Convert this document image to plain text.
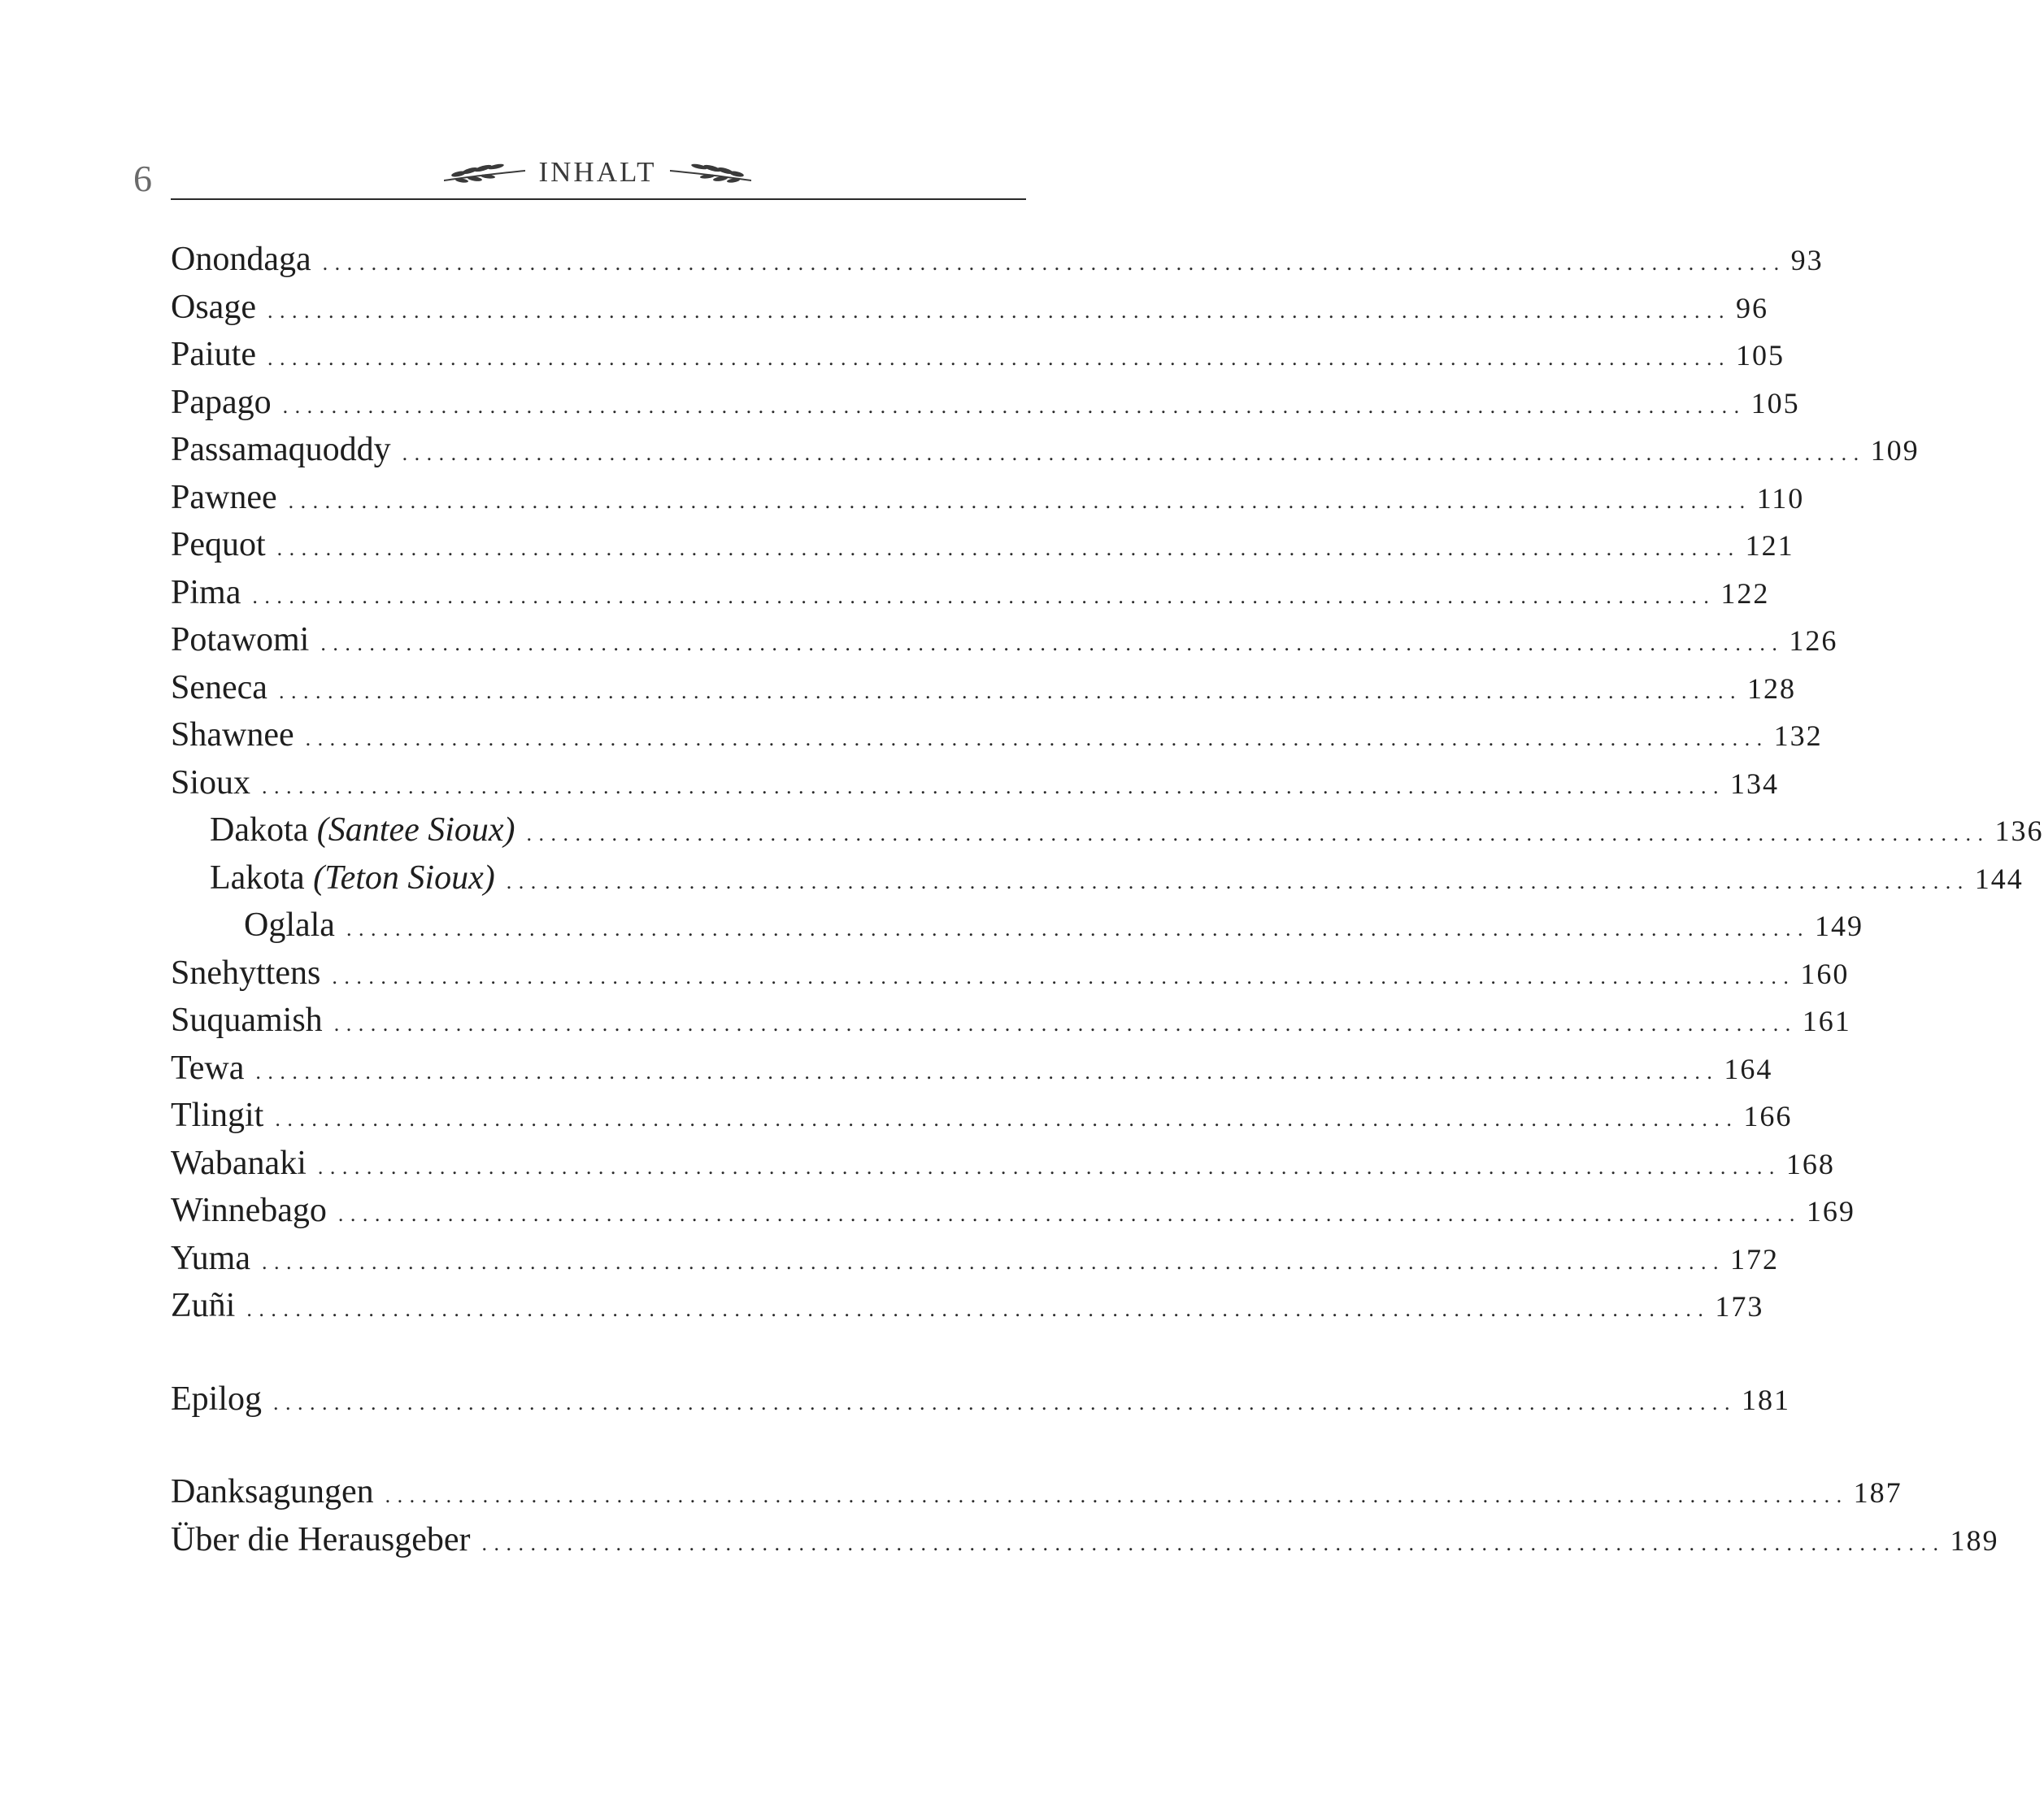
6	INHALT
Onondaga ........................................................................................................................ 93
Osage ........................................................................................................................ 96
Paiute ........................................................................................................................ 105
Papago ........................................................................................................................ 105
Passamaquoddy ........................................................................................................................ 109
Pawnee ........................................................................................................................ 110
Pequot ........................................................................................................................ 121
Pima ........................................................................................................................ 122
Potawomi ........................................................................................................................ 126
Seneca ........................................................................................................................ 128
Shawnee ........................................................................................................................ 132
Sioux ........................................................................................................................ 134
Dakota (Santee Sioux) ........................................................................................................................ 136
Lakota (Teton Sioux) ........................................................................................................................ 144
Oglala ........................................................................................................................ 149
Snehyttens ........................................................................................................................ 160
Suquamish ........................................................................................................................ 161
Tewa ........................................................................................................................ 164
Tlingit ........................................................................................................................ 166
Wabanaki ........................................................................................................................ 168
Winnebago ........................................................................................................................ 169
Yuma ........................................................................................................................ 172
Zuñi ........................................................................................................................ 173
Epilog ........................................................................................................................ 181
Danksagungen ........................................................................................................................ 187
Über die Herausgeber ........................................................................................................................ 189
